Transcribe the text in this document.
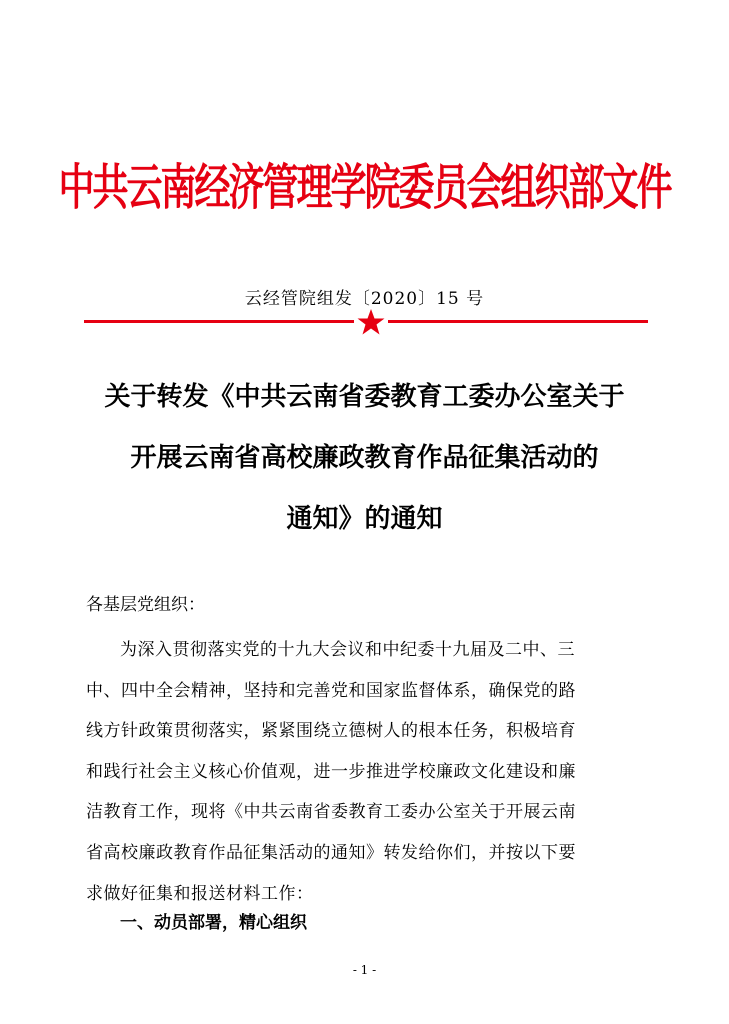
中共云南经济管理学院委员会组织部文件
云经管院组发〔2020〕15 号
关于转发《中共云南省委教育工委办公室关于
开展云南省高校廉政教育作品征集活动的
通知》的通知
各基层党组织：
为深入贯彻落实党的十九大会议和中纪委十九届及二中、三
中、四中全会精神，坚持和完善党和国家监督体系，确保党的路
线方针政策贯彻落实，紧紧围绕立德树人的根本任务，积极培育
和践行社会主义核心价值观，进一步推进学校廉政文化建设和廉
洁教育工作，现将《中共云南省委教育工委办公室关于开展云南
省高校廉政教育作品征集活动的通知》转发给你们，并按以下要
求做好征集和报送材料工作：
一、动员部署，精心组织
- 1 -
